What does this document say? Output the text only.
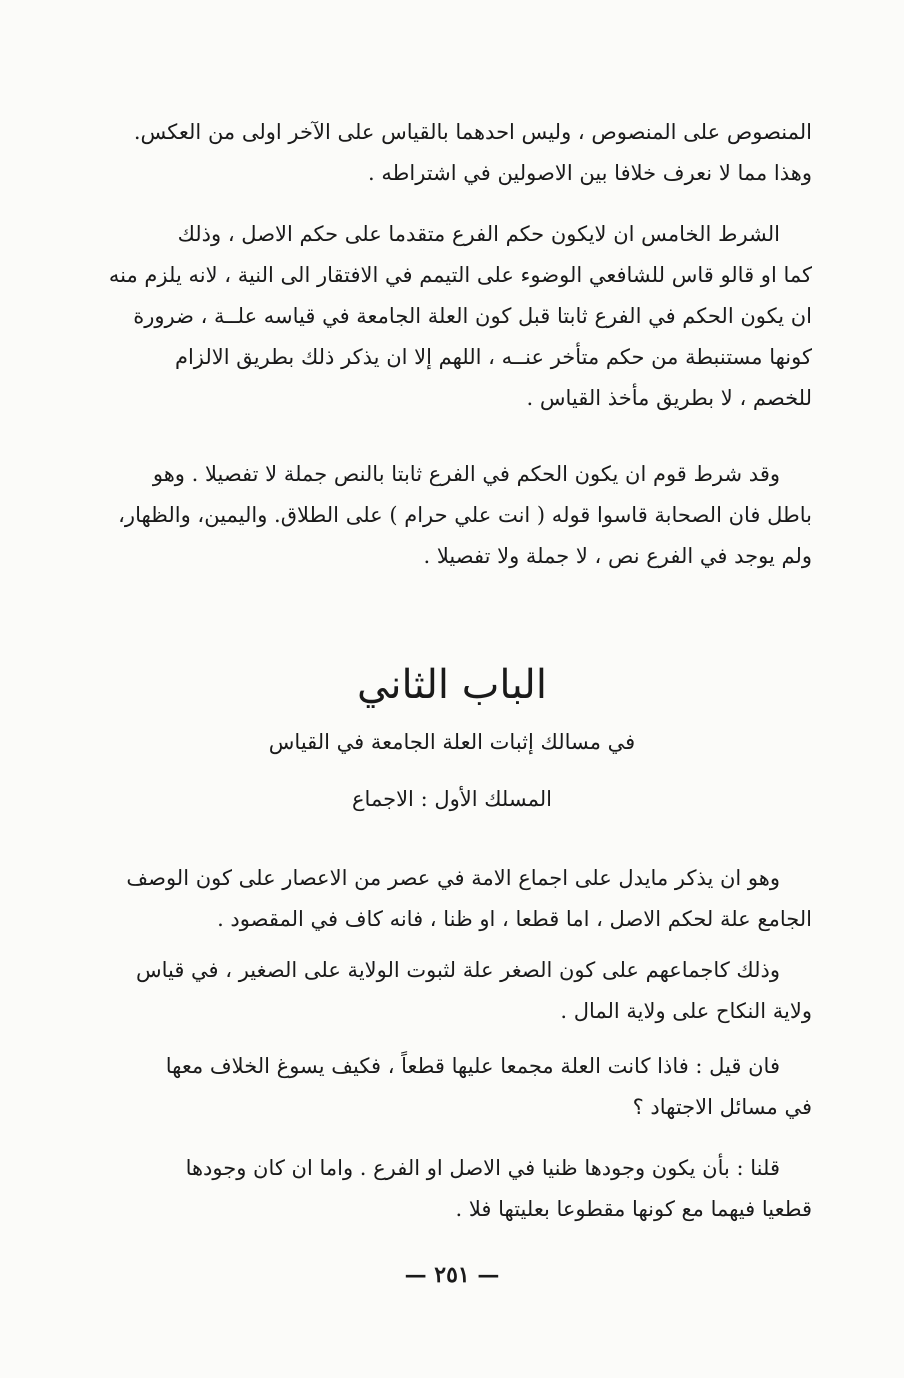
المنصوص على المنصوص ، وليس احدهما بالقياس على الآخر اولى من العكس.
وهذا مما لا نعرف خلافا بين الاصولين في اشتراطه .
الشرط الخامس ان لايكون حكم الفرع متقدما على حكم الاصل ، وذلك
كما او قالو قاس للشافعي الوضوء على التيمم في الافتقار الى النية ، لانه يلزم منه
ان يكون الحكم في الفرع ثابتا قبل كون العلة الجامعة في قياسه علــة ، ضرورة
كونها مستنبطة من حكم متأخر عنــه ، اللهم إلا ان يذكر ذلك بطريق الالزام
للخصم ، لا بطريق مأخذ القياس .
وقد شرط قوم ان يكون الحكم في الفرع ثابتا بالنص جملة لا تفصيلا . وهو
باطل فان الصحابة قاسوا قوله ( انت علي حرام ) على الطلاق. واليمين، والظهار،
ولم يوجد في الفرع نص ، لا جملة ولا تفصيلا .
الباب الثاني
في مسالك إثبات العلة الجامعة في القياس
المسلك الأول : الاجماع
وهو ان يذكر مايدل على اجماع الامة في عصر من الاعصار على كون الوصف
الجامع علة لحكم الاصل ، اما قطعا ، او ظنا ، فانه كاف في المقصود .
وذلك كاجماعهم على كون الصغر علة لثبوت الولاية على الصغير ، في قياس
ولاية النكاح على ولاية المال .
فان قيل : فاذا كانت العلة مجمعا عليها قطعاً ، فكيف يسوغ الخلاف معها
في مسائل الاجتهاد ؟
قلنا : بأن يكون وجودها ظنيا في الاصل او الفرع . واما ان كان وجودها
قطعيا فيهما مع كونها مقطوعا بعليتها فلا .
— ٢٥١ —
